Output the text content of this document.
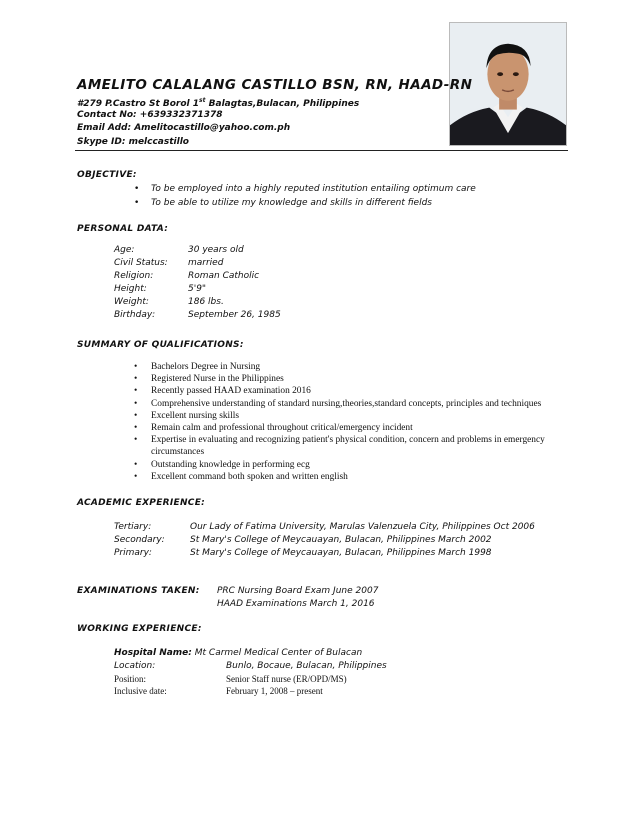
AMELITO CALALANG CASTILLO BSN, RN, HAAD-RN
#279 P.Castro St Borol 1st Balagtas,Bulacan, Philippines
Contact No: +639332371378
Email Add: Amelitocastillo@yahoo.com.ph
Skype ID: melccastillo
OBJECTIVE:
• To be employed into a highly reputed institution entailing optimum care
• To be able to utilize my knowledge and skills in different fields
PERSONAL DATA:
Age:	30 years old
Civil Status: married
Religion:	Roman Catholic
Height:	5'9"
Weight:	186 lbs.
Birthday:	September 26, 1985
SUMMARY OF QUALIFICATIONS:
• Bachelors Degree in Nursing
• Registered Nurse in the Philippines
• Recently passed HAAD examination 2016
• Comprehensive understanding of standard nursing,theories,standard concepts, principles and techniques
• Excellent nursing skills
• Remain calm and professional throughout critical/emergency incident
• Expertise in evaluating and recognizing patient's physical condition, concern and problems in emergency circumstances
• Outstanding knowledge in performing ecg
• Excellent command both spoken and written english
ACADEMIC EXPERIENCE:
Tertiary:	Our Lady of Fatima University, Marulas Valenzuela City, Philippines Oct 2006
Secondary:	St Mary's College of Meycauayan, Bulacan, Philippines March 2002
Primary:	St Mary's College of Meycauayan, Bulacan, Philippines March 1998
EXAMINATIONS TAKEN: PRC Nursing Board Exam June 2007
HAAD Examinations March 1, 2016
WORKING EXPERIENCE:
Hospital Name: Mt Carmel Medical Center of Bulacan
Location:	Bunlo, Bocaue, Bulacan, Philippines
Position:	Senior Staff nurse (ER/OPD/MS)
Inclusive date:	February 1, 2008 – present
